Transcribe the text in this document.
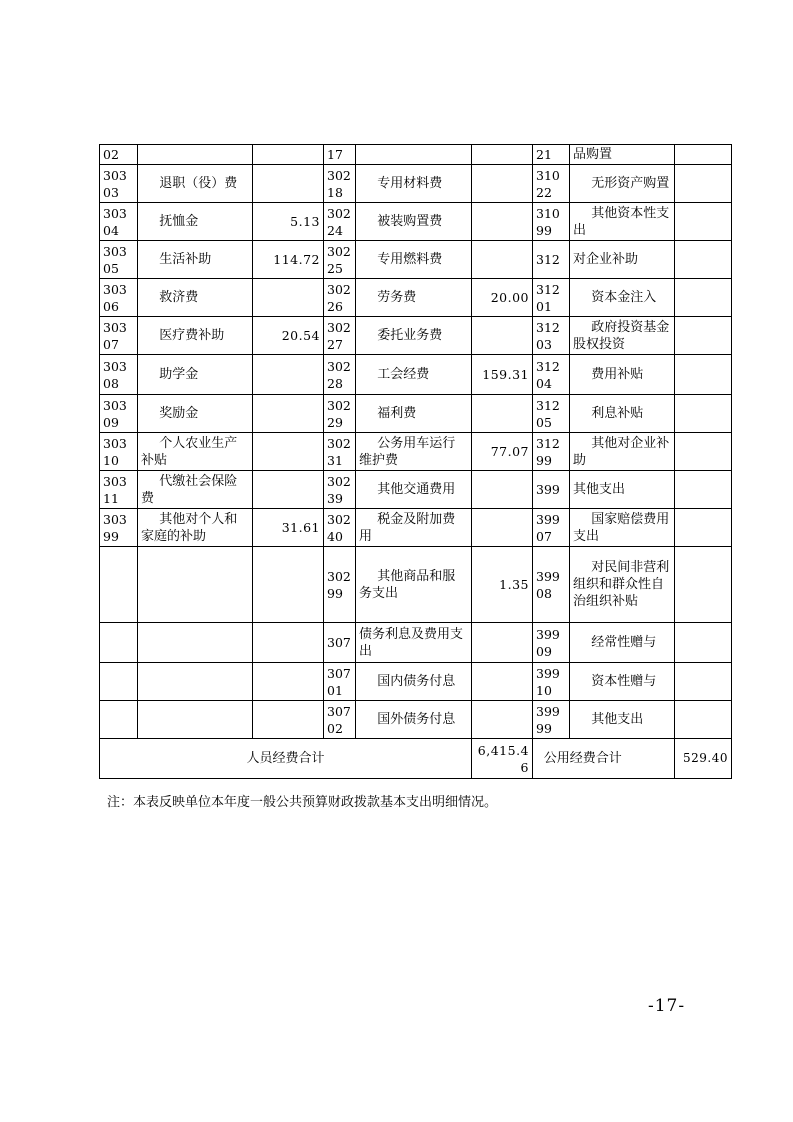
02			17			21	品购置	
303 03	退职（役）费		302 18	专用材料费		310 22	无形资产购置	
303 04	抚恤金	5.13	302 24	被装购置费		310 99	其他资本性支出	
303 05	生活补助	114.72	302 25	专用燃料费		312	对企业补助	
303 06	救济费		302 26	劳务费	20.00	312 01	资本金注入	
303 07	医疗费补助	20.54	302 27	委托业务费		312 03	政府投资基金股权投资	
303 08	助学金		302 28	工会经费	159.31	312 04	费用补贴	
303 09	奖励金		302 29	福利费		312 05	利息补贴	
303 10	个人农业生产补贴		302 31	公务用车运行维护费	77.07	312 99	其他对企业补助	
303 11	代缴社会保险费		302 39	其他交通费用		399	其他支出	
303 99	其他对个人和家庭的补助	31.61	302 40	税金及附加费用		399 07	国家赔偿费用支出	
			302 99	其他商品和服务支出	1.35	399 08	对民间非营利组织和群众性自治组织补贴	
			307	债务利息及费用支出		399 09	经常性赠与	
			307 01	国内债务付息		399 10	资本性赠与	
			307 02	国外债务付息		399 99	其他支出	
人员经费合计					6,415.46	公用经费合计		529.40
注：本表反映单位本年度一般公共预算财政拨款基本支出明细情况。
-17-
